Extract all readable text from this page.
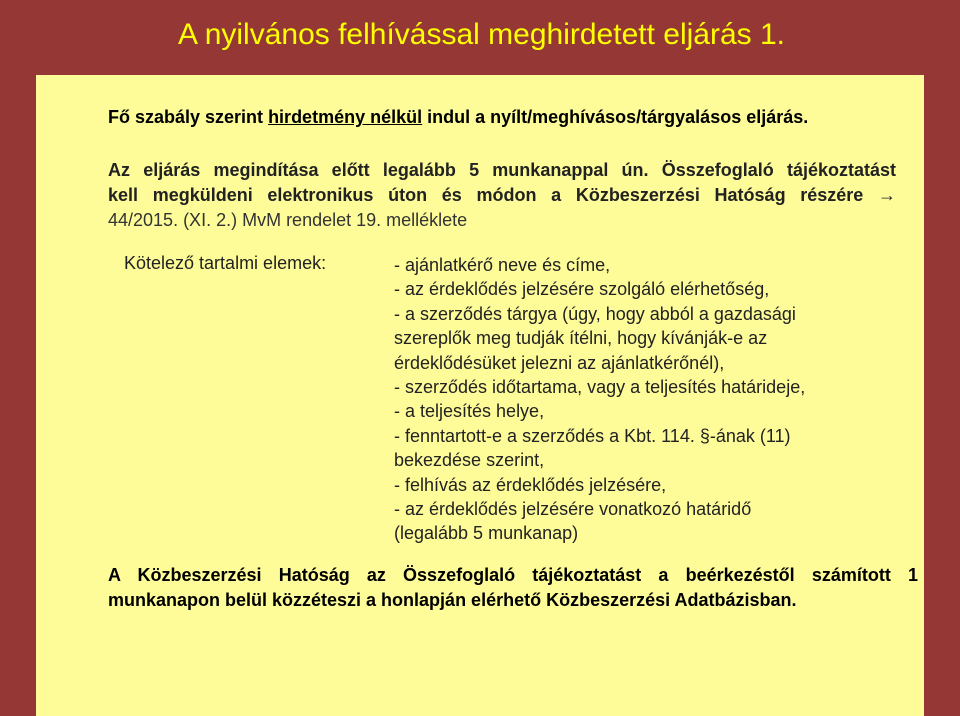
A nyilvános felhívással meghirdetett eljárás 1.
Fő szabály szerint hirdetmény nélkül indul a nyílt/meghívásos/tárgyalásos eljárás.
Az eljárás megindítása előtt legalább 5 munkanappal ún. Összefoglaló tájékoztatást
kell megküldeni elektronikus úton és módon a Közbeszerzési Hatóság részére →
44/2015. (XI. 2.) MvM rendelet 19. melléklete
Kötelező tartalmi elemek:	- ajánlatkérő neve és címe,
- az érdeklődés jelzésére szolgáló elérhetőség,
- a szerződés tárgya (úgy, hogy abból a gazdasági
szereplők meg tudják ítélni, hogy kívánják-e az
érdeklődésüket jelezni az ajánlatkérőnél),
- szerződés időtartama, vagy a teljesítés határideje,
- a teljesítés helye,
- fenntartott-e a szerződés a Kbt. 114. §-ának (11)
bekezdése szerint,
- felhívás az érdeklődés jelzésére,
- az érdeklődés jelzésére vonatkozó határidő
(legalább 5 munkanap)
A Közbeszerzési Hatóság az Összefoglaló tájékoztatást a beérkezéstől számított 1
munkanapon belül közzéteszi a honlapján elérhető Közbeszerzési Adatbázisban.
